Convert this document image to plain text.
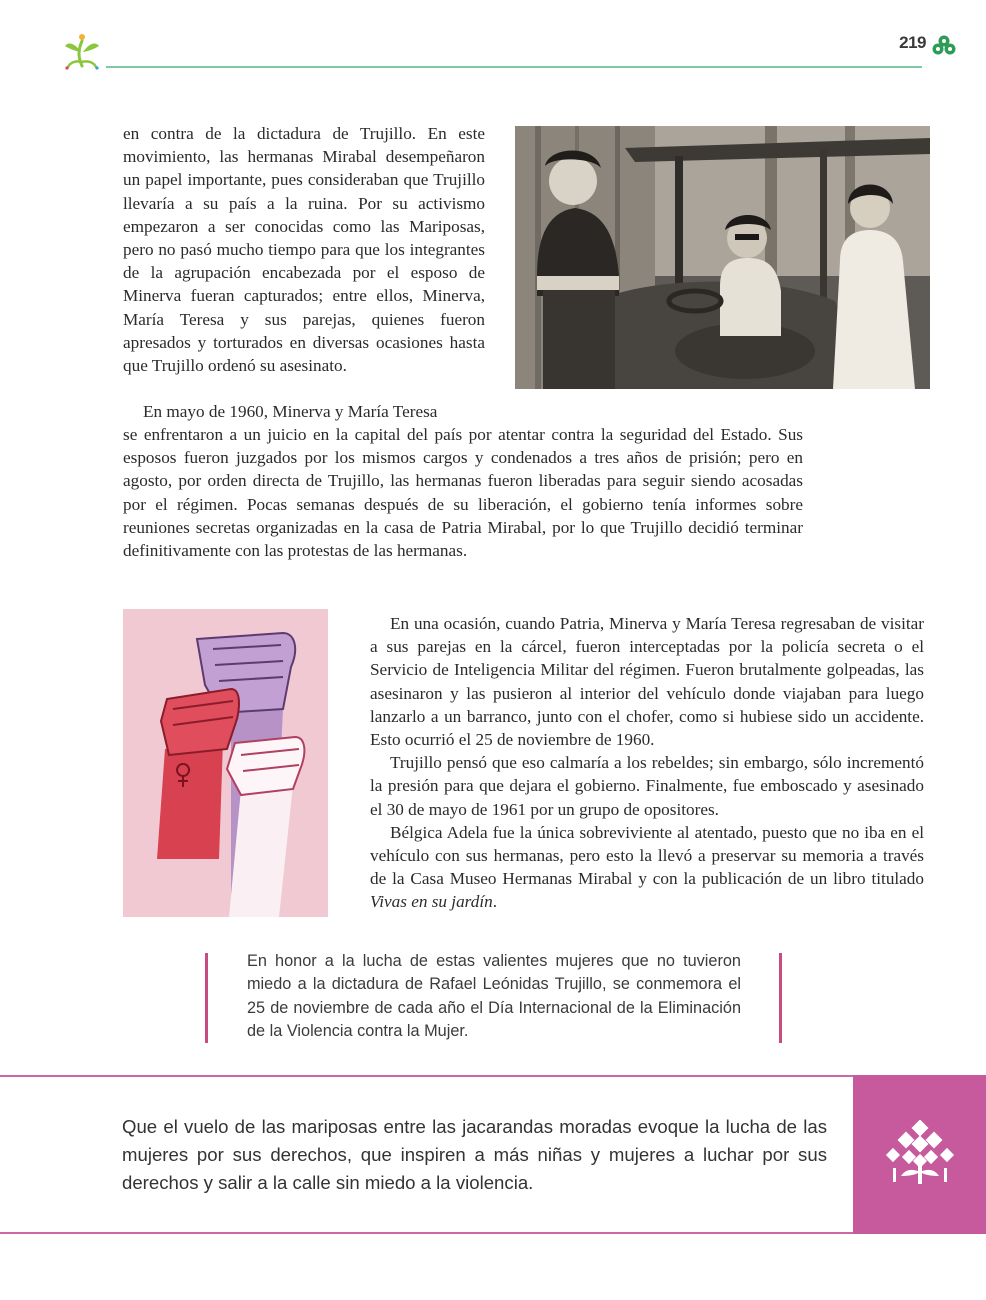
219

en contra de la dictadura de Trujillo. En este movimiento, las hermanas Mirabal desempeñaron un papel importante, pues consideraban que Trujillo llevaría a su país a la ruina. Por su activismo empezaron a ser conocidas como las Mariposas, pero no pasó mucho tiempo para que los integrantes de la agrupación encabezada por el esposo de Minerva fueran capturados; entre ellos, Minerva, María Teresa y sus parejas, quienes fueron apresados y torturados en diversas ocasiones hasta que Trujillo ordenó su asesinato.

En mayo de 1960, Minerva y María Teresa

se enfrentaron a un juicio en la capital del país por atentar contra la seguridad del Estado. Sus esposos fueron juzgados por los mismos cargos y condenados a tres años de prisión; pero en agosto, por orden directa de Trujillo, las hermanas fueron liberadas para seguir siendo acosadas por el régimen. Pocas semanas después de su liberación, el gobierno tenía informes sobre reuniones secretas organizadas en la casa de Patria Mirabal, por lo que Trujillo decidió terminar definitivamente con las protestas de las hermanas.

En una ocasión, cuando Patria, Minerva y María Teresa regresaban de visitar a sus parejas en la cárcel, fueron interceptadas por la policía secreta o el Servicio de Inteligencia Militar del régimen. Fueron brutalmente golpeadas, las asesinaron y las pusieron al interior del vehículo donde viajaban para luego lanzarlo a un barranco, junto con el chofer, como si hubiese sido un accidente. Esto ocurrió el 25 de noviembre de 1960.

Trujillo pensó que eso calmaría a los rebeldes; sin embargo, sólo incrementó la presión para que dejara el gobierno. Finalmente, fue emboscado y asesinado el 30 de mayo de 1961 por un grupo de opositores.

Bélgica Adela fue la única sobreviviente al atentado, puesto que no iba en el vehículo con sus hermanas, pero esto la llevó a preservar su memoria a través de la Casa Museo Hermanas Mirabal y con la publicación de un libro titulado Vivas en su jardín.

En honor a la lucha de estas valientes mujeres que no tuvieron miedo a la dictadura de Rafael Leónidas Trujillo, se conmemora el 25 de noviembre de cada año el Día Internacional de la Eliminación de la Violencia contra la Mujer.

Que el vuelo de las mariposas entre las jacarandas moradas evoque la lucha de las mujeres por sus derechos, que inspiren a más niñas y mujeres a luchar por sus derechos y salir a la calle sin miedo a la violencia.
